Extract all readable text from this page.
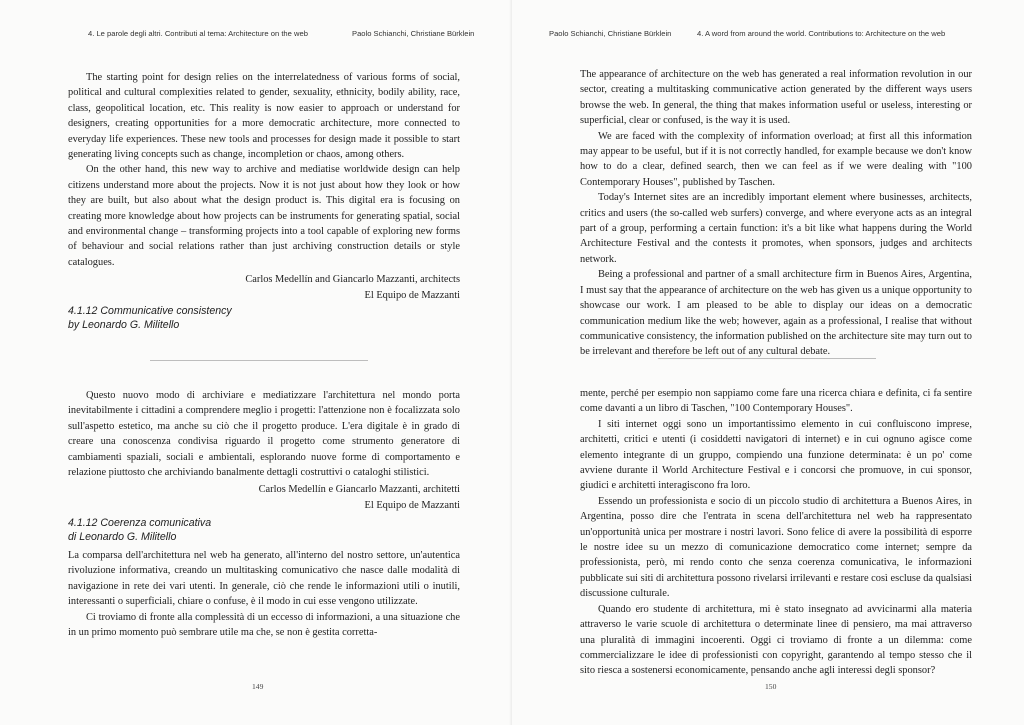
4. Le parole degli altri. Contributi al tema: Architecture on the web	Paolo Schianchi, Christiane Bürklein

The starting point for design relies on the interrelatedness of various forms of social, political and cultural complexities related to gender, sexuality, ethnicity, bodily ability, race, class, geopolitical location, etc. This reality is now easier to approach or understand for designers, creating opportunities for a more democratic architecture, more connected to everyday life experiences. These new tools and processes for design made it possible to start generating living concepts such as change, incompletion or chaos, among others.

On the other hand, this new way to archive and mediatise worldwide design can help citizens understand more about the projects. Now it is not just about how they look or how they are built, but also about what the design product is. This digital era is focusing on creating more knowledge about how projects can be instruments for generating spatial, social and environmental change – transforming projects into a tool capable of exploring new forms of behaviour and social relations rather than just archiving construction details or style catalogues.

Carlos Medellín and Giancarlo Mazzanti, architects
El Equipo de Mazzanti
4.1.12 Communicative consistency
by Leonardo G. Militello

Questo nuovo modo di archiviare e mediatizzare l'architettura nel mondo porta inevitabilmente i cittadini a comprendere meglio i progetti: l'attenzione non è focalizzata solo sull'aspetto estetico, ma anche su ciò che il progetto produce. L'era digitale è in grado di creare una conoscenza condivisa riguardo il progetto come strumento generatore di cambiamenti spaziali, sociali e ambientali, esplorando nuove forme di comportamento e relazione piuttosto che archiviando banalmente dettagli costruttivi o cataloghi stilistici.

Carlos Medellín e Giancarlo Mazzanti, architetti
El Equipo de Mazzanti
4.1.12 Coerenza comunicativa
di Leonardo G. Militello

La comparsa dell'architettura nel web ha generato, all'interno del nostro settore, un'autentica rivoluzione informativa, creando un multitasking comunicativo che nasce dalle modalità di navigazione in rete dei vari utenti. In generale, ciò che rende le informazioni utili o inutili, interessanti o superficiali, chiare o confuse, è il modo in cui esse vengono utilizzate.

Ci troviamo di fronte alla complessità di un eccesso di informazioni, a una situazione che in un primo momento può sembrare utile ma che, se non è gestita corretta-

149
Paolo Schianchi, Christiane Bürklein	4. A word from around the world. Contributions to: Architecture on the web

The appearance of architecture on the web has generated a real information revolution in our sector, creating a multitasking communicative action generated by the different ways users browse the web. In general, the thing that makes information useful or useless, interesting or superficial, clear or confused, is the way it is used.

We are faced with the complexity of information overload; at first all this information may appear to be useful, but if it is not correctly handled, for example because we don't know how to do a clear, defined search, then we can feel as if we were dealing with "100 Contemporary Houses", published by Taschen.

Today's Internet sites are an incredibly important element where businesses, architects, critics and users (the so-called web surfers) converge, and where everyone acts as an integral part of a group, performing a certain function: it's a bit like what happens during the World Architecture Festival and the contests it promotes, when sponsors, judges and architects network.

Being a professional and partner of a small architecture firm in Buenos Aires, Argentina, I must say that the appearance of architecture on the web has given us a unique opportunity to showcase our work. I am pleased to be able to display our ideas on a democratic communication medium like the web; however, again as a professional, I realise that without communicative consistency, the information published on the architecture site may turn out to be irrelevant and therefore be left out of any cultural debate.

mente, perché per esempio non sappiamo come fare una ricerca chiara e definita, ci fa sentire come davanti a un libro di Taschen, "100 Contemporary Houses".

I siti internet oggi sono un importantissimo elemento in cui confluiscono imprese, architetti, critici e utenti (i cosiddetti navigatori di internet) e in cui ognuno agisce come elemento integrante di un gruppo, compiendo una funzione determinata: è un po' come avviene durante il World Architecture Festival e i concorsi che promuove, in cui sponsor, giudici e architetti interagiscono fra loro.

Essendo un professionista e socio di un piccolo studio di architettura a Buenos Aires, in Argentina, posso dire che l'entrata in scena dell'architettura nel web ha rappresentato un'opportunità unica per mostrare i nostri lavori. Sono felice di avere la possibilità di esporre le nostre idee su un mezzo di comunicazione democratico come internet; sempre da professionista, però, mi rendo conto che senza coerenza comunicativa, le informazioni pubblicate sui siti di architettura possono rivelarsi irrilevanti e restare così escluse da qualsiasi discussione culturale.

Quando ero studente di architettura, mi è stato insegnato ad avvicinarmi alla materia attraverso le varie scuole di architettura o determinate linee di pensiero, ma mai attraverso una pluralità di immagini incoerenti. Oggi ci troviamo di fronte a un dilemma: come commercializzare le idee di professionisti con copyright, garantendo al tempo stesso che il sito riesca a sostenersi economicamente, pensando anche agli interessi degli sponsor?

150
